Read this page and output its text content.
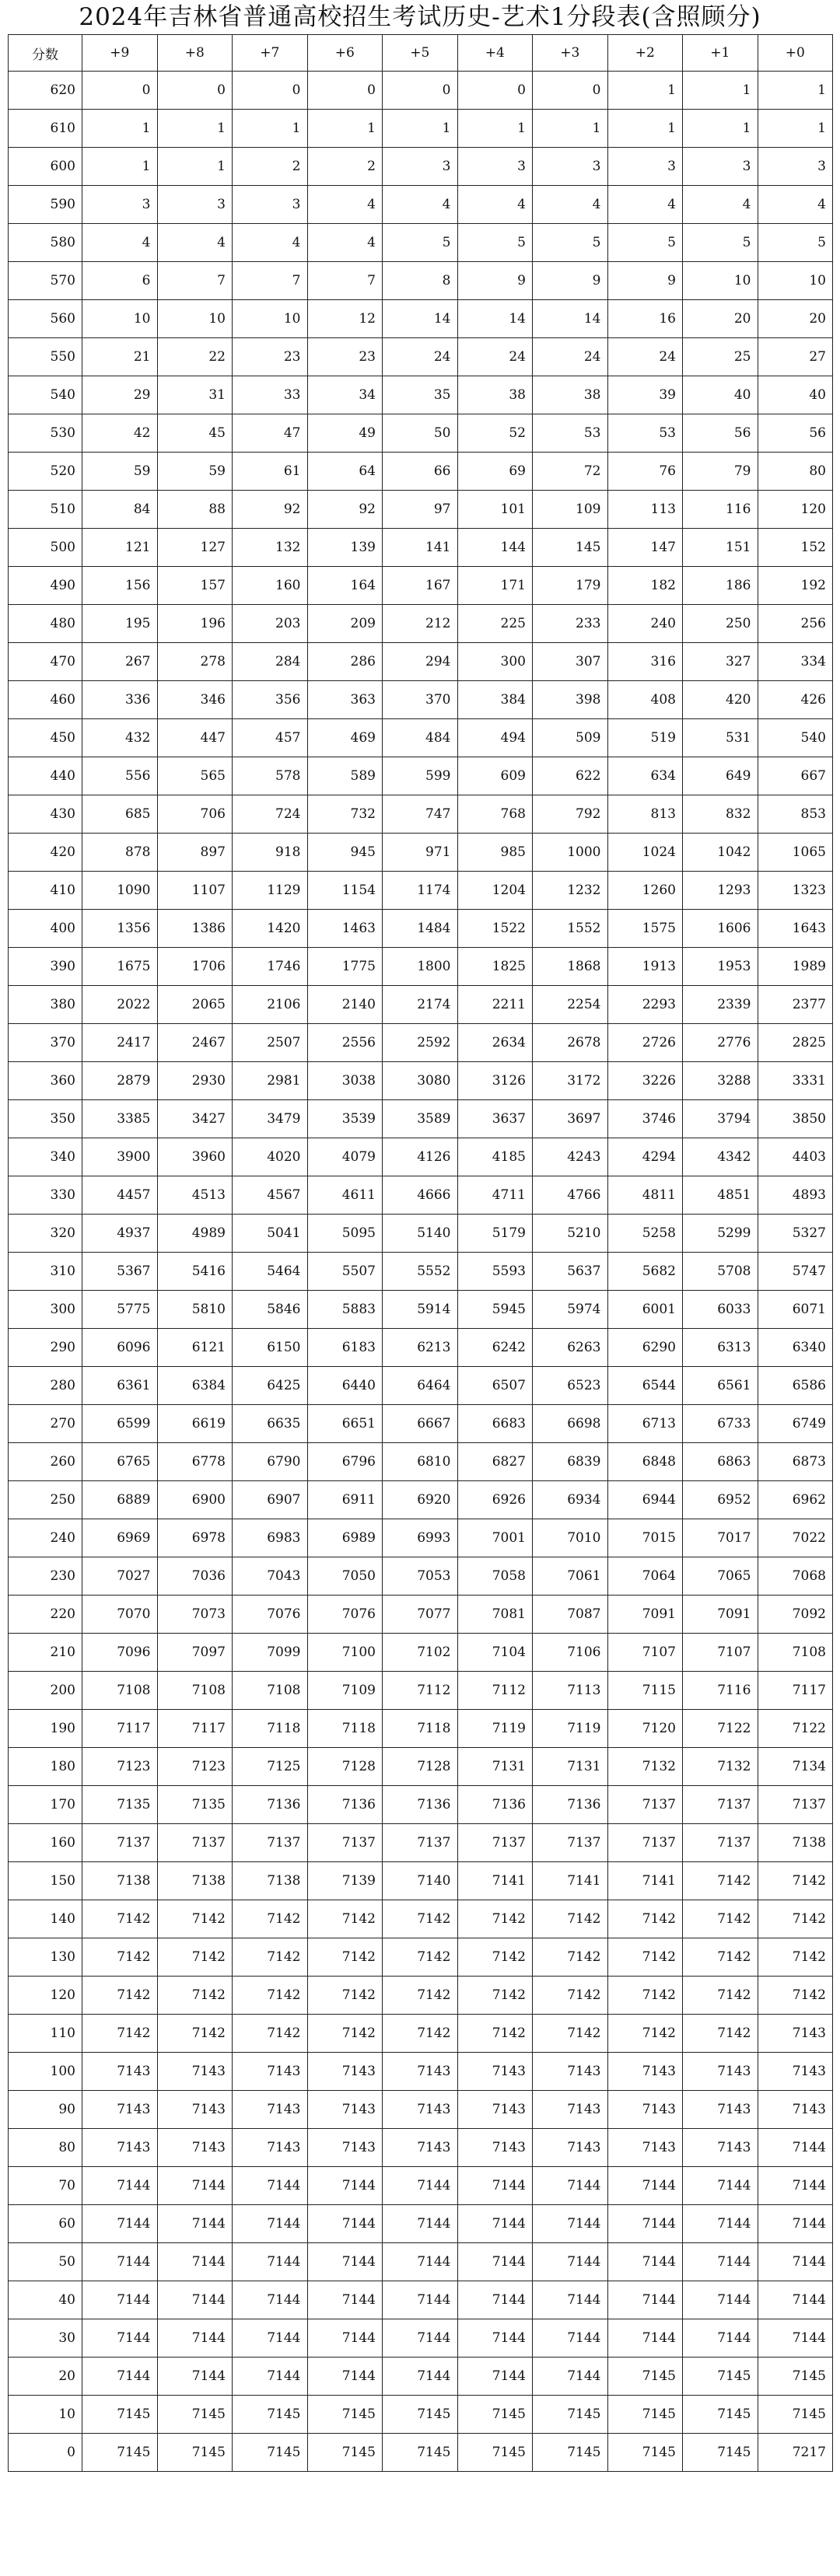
2024年吉林省普通高校招生考试历史-艺术1分段表(含照顾分)
分数	+9	+8	+7	+6	+5	+4	+3	+2	+1	+0
620	0	0	0	0	0	0	0	1	1	1
610	1	1	1	1	1	1	1	1	1	1
600	1	1	2	2	3	3	3	3	3	3
590	3	3	3	4	4	4	4	4	4	4
580	4	4	4	4	5	5	5	5	5	5
570	6	7	7	7	8	9	9	9	10	10
560	10	10	10	12	14	14	14	16	20	20
550	21	22	23	23	24	24	24	24	25	27
540	29	31	33	34	35	38	38	39	40	40
530	42	45	47	49	50	52	53	53	56	56
520	59	59	61	64	66	69	72	76	79	80
510	84	88	92	92	97	101	109	113	116	120
500	121	127	132	139	141	144	145	147	151	152
490	156	157	160	164	167	171	179	182	186	192
480	195	196	203	209	212	225	233	240	250	256
470	267	278	284	286	294	300	307	316	327	334
460	336	346	356	363	370	384	398	408	420	426
450	432	447	457	469	484	494	509	519	531	540
440	556	565	578	589	599	609	622	634	649	667
430	685	706	724	732	747	768	792	813	832	853
420	878	897	918	945	971	985	1000	1024	1042	1065
410	1090	1107	1129	1154	1174	1204	1232	1260	1293	1323
400	1356	1386	1420	1463	1484	1522	1552	1575	1606	1643
390	1675	1706	1746	1775	1800	1825	1868	1913	1953	1989
380	2022	2065	2106	2140	2174	2211	2254	2293	2339	2377
370	2417	2467	2507	2556	2592	2634	2678	2726	2776	2825
360	2879	2930	2981	3038	3080	3126	3172	3226	3288	3331
350	3385	3427	3479	3539	3589	3637	3697	3746	3794	3850
340	3900	3960	4020	4079	4126	4185	4243	4294	4342	4403
330	4457	4513	4567	4611	4666	4711	4766	4811	4851	4893
320	4937	4989	5041	5095	5140	5179	5210	5258	5299	5327
310	5367	5416	5464	5507	5552	5593	5637	5682	5708	5747
300	5775	5810	5846	5883	5914	5945	5974	6001	6033	6071
290	6096	6121	6150	6183	6213	6242	6263	6290	6313	6340
280	6361	6384	6425	6440	6464	6507	6523	6544	6561	6586
270	6599	6619	6635	6651	6667	6683	6698	6713	6733	6749
260	6765	6778	6790	6796	6810	6827	6839	6848	6863	6873
250	6889	6900	6907	6911	6920	6926	6934	6944	6952	6962
240	6969	6978	6983	6989	6993	7001	7010	7015	7017	7022
230	7027	7036	7043	7050	7053	7058	7061	7064	7065	7068
220	7070	7073	7076	7076	7077	7081	7087	7091	7091	7092
210	7096	7097	7099	7100	7102	7104	7106	7107	7107	7108
200	7108	7108	7108	7109	7112	7112	7113	7115	7116	7117
190	7117	7117	7118	7118	7118	7119	7119	7120	7122	7122
180	7123	7123	7125	7128	7128	7131	7131	7132	7132	7134
170	7135	7135	7136	7136	7136	7136	7136	7137	7137	7137
160	7137	7137	7137	7137	7137	7137	7137	7137	7137	7138
150	7138	7138	7138	7139	7140	7141	7141	7141	7142	7142
140	7142	7142	7142	7142	7142	7142	7142	7142	7142	7142
130	7142	7142	7142	7142	7142	7142	7142	7142	7142	7142
120	7142	7142	7142	7142	7142	7142	7142	7142	7142	7142
110	7142	7142	7142	7142	7142	7142	7142	7142	7142	7143
100	7143	7143	7143	7143	7143	7143	7143	7143	7143	7143
90	7143	7143	7143	7143	7143	7143	7143	7143	7143	7143
80	7143	7143	7143	7143	7143	7143	7143	7143	7143	7144
70	7144	7144	7144	7144	7144	7144	7144	7144	7144	7144
60	7144	7144	7144	7144	7144	7144	7144	7144	7144	7144
50	7144	7144	7144	7144	7144	7144	7144	7144	7144	7144
40	7144	7144	7144	7144	7144	7144	7144	7144	7144	7144
30	7144	7144	7144	7144	7144	7144	7144	7144	7144	7144
20	7144	7144	7144	7144	7144	7144	7144	7145	7145	7145
10	7145	7145	7145	7145	7145	7145	7145	7145	7145	7145
0	7145	7145	7145	7145	7145	7145	7145	7145	7145	7217
